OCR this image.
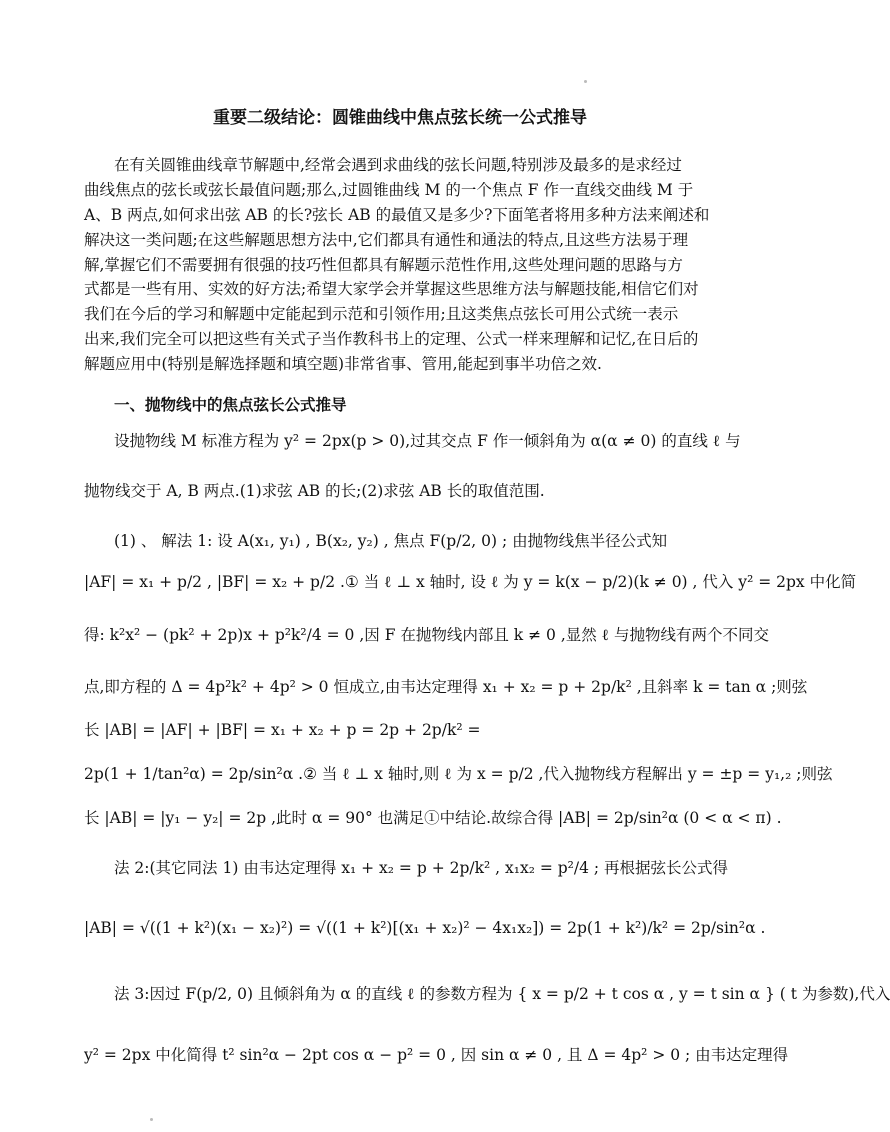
重要二级结论：圆锥曲线中焦点弦长统一公式推导
在有关圆锥曲线章节解题中,经常会遇到求曲线的弦长问题,特别涉及最多的是求经过
曲线焦点的弦长或弦长最值问题;那么,过圆锥曲线 M 的一个焦点 F 作一直线交曲线 M 于
A、B 两点,如何求出弦 AB 的长?弦长 AB 的最值又是多少?下面笔者将用多种方法来阐述和
解决这一类问题;在这些解题思想方法中,它们都具有通性和通法的特点,且这些方法易于理
解,掌握它们不需要拥有很强的技巧性但都具有解题示范性作用,这些处理问题的思路与方
式都是一些有用、实效的好方法;希望大家学会并掌握这些思维方法与解题技能,相信它们对
我们在今后的学习和解题中定能起到示范和引领作用;且这类焦点弦长可用公式统一表示
出来,我们完全可以把这些有关式子当作教科书上的定理、公式一样来理解和记忆,在日后的
解题应用中(特别是解选择题和填空题)非常省事、管用,能起到事半功倍之效.
一、抛物线中的焦点弦长公式推导
设抛物线 M 标准方程为 y² = 2px(p > 0),过其交点 F 作一倾斜角为 α(α ≠ 0) 的直线 ℓ 与
抛物线交于 A, B 两点.(1)求弦 AB 的长;(2)求弦 AB 长的取值范围.
(1) 、 解法 1: 设 A(x₁, y₁) , B(x₂, y₂) , 焦点 F(p/2, 0) ; 由抛物线焦半径公式知
|AF| = x₁ + p/2 , |BF| = x₂ + p/2 .① 当 ℓ ⊥ x 轴时, 设 ℓ 为 y = k(x − p/2)(k ≠ 0) , 代入 y² = 2px 中化简
得: k²x² − (pk² + 2p)x + p²k²/4 = 0 ,因 F 在抛物线内部且 k ≠ 0 ,显然 ℓ 与抛物线有两个不同交
点,即方程的 Δ = 4p²k² + 4p² > 0 恒成立,由韦达定理得 x₁ + x₂ = p + 2p/k² ,且斜率 k = tan α ;则弦
长 |AB| = |AF| + |BF| = x₁ + x₂ + p = 2p + 2p/k² =
2p(1 + 1/tan²α) = 2p/sin²α .② 当 ℓ ⊥ x 轴时,则 ℓ 为 x = p/2 ,代入抛物线方程解出 y = ±p = y₁,₂ ;则弦
长 |AB| = |y₁ − y₂| = 2p ,此时 α = 90° 也满足①中结论.故综合得 |AB| = 2p/sin²α (0 < α < π) .
法 2:(其它同法 1) 由韦达定理得 x₁ + x₂ = p + 2p/k² , x₁x₂ = p²/4 ; 再根据弦长公式得
|AB| = √((1 + k²)(x₁ − x₂)²) = √((1 + k²)[(x₁ + x₂)² − 4x₁x₂]) = 2p(1 + k²)/k² = 2p/sin²α .
法 3:因过 F(p/2, 0) 且倾斜角为 α 的直线 ℓ 的参数方程为 { x = p/2 + t cos α , y = t sin α } ( t 为参数),代入
y² = 2px 中化简得 t² sin²α − 2pt cos α − p² = 0 , 因 sin α ≠ 0 , 且 Δ = 4p² > 0 ; 由韦达定理得
